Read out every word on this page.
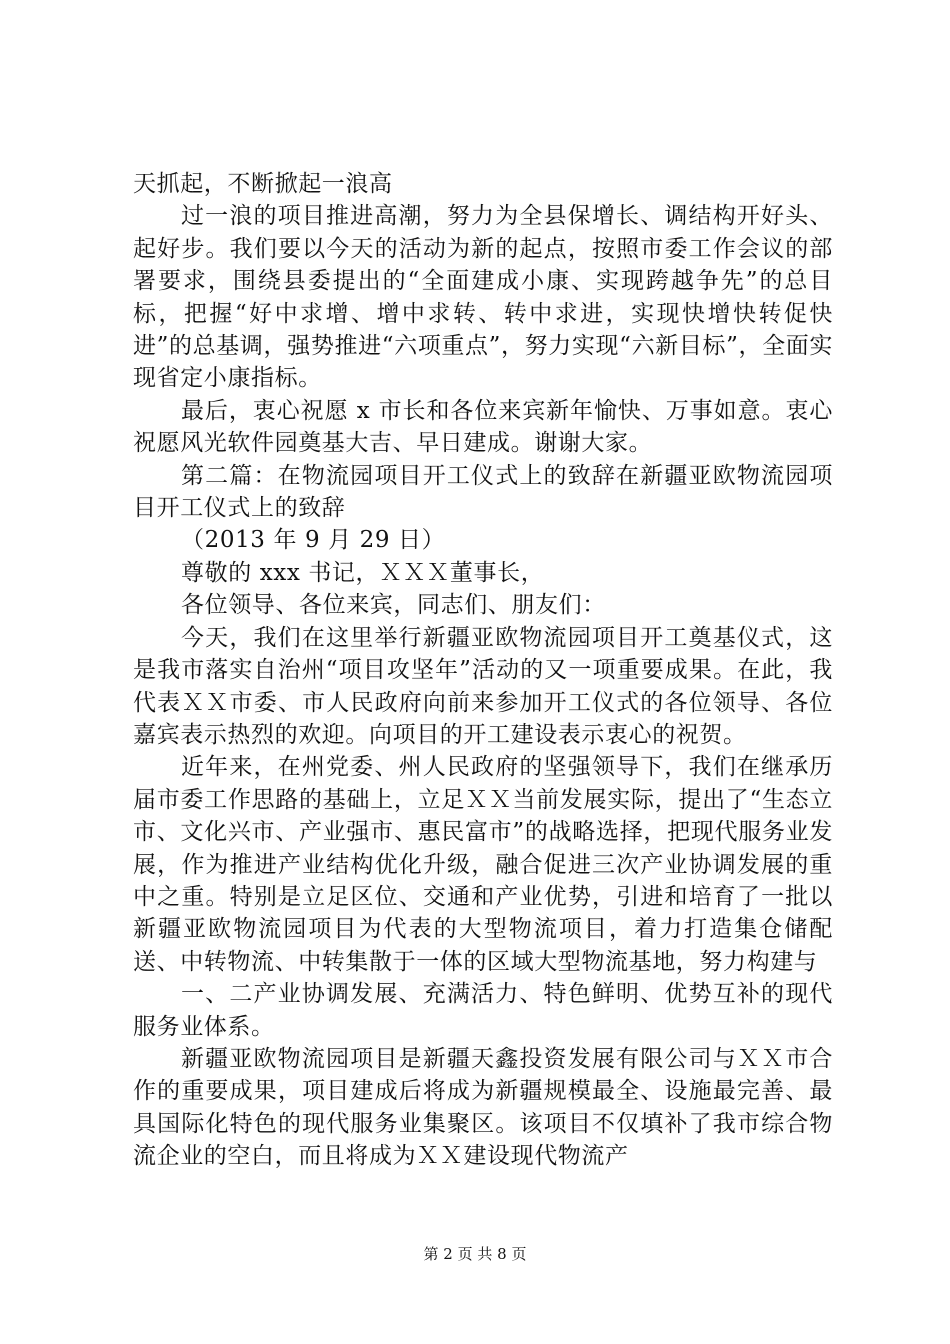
天抓起，不断掀起一浪高

过一浪的项目推进高潮，努力为全县保增长、调结构开好头、起好步。我们要以今天的活动为新的起点，按照市委工作会议的部署要求，围绕县委提出的“全面建成小康、实现跨越争先”的总目标，把握“好中求增、增中求转、转中求进，实现快增快转促快进”的总基调，强势推进“六项重点”，努力实现“六新目标”，全面实现省定小康指标。

最后，衷心祝愿 x 市长和各位来宾新年愉快、万事如意。衷心祝愿风光软件园奠基大吉、早日建成。谢谢大家。

第二篇：在物流园项目开工仪式上的致辞在新疆亚欧物流园项目开工仪式上的致辞

（2013 年 9 月 29 日）

尊敬的 xxx 书记，ＸＸＸ董事长，

各位领导、各位来宾，同志们、朋友们：

今天，我们在这里举行新疆亚欧物流园项目开工奠基仪式，这是我市落实自治州“项目攻坚年”活动的又一项重要成果。在此，我代表ＸＸ市委、市人民政府向前来参加开工仪式的各位领导、各位嘉宾表示热烈的欢迎。向项目的开工建设表示衷心的祝贺。

近年来，在州党委、州人民政府的坚强领导下，我们在继承历届市委工作思路的基础上，立足ＸＸ当前发展实际，提出了“生态立市、文化兴市、产业强市、惠民富市”的战略选择，把现代服务业发展，作为推进产业结构优化升级，融合促进三次产业协调发展的重中之重。特别是立足区位、交通和产业优势，引进和培育了一批以新疆亚欧物流园项目为代表的大型物流项目，着力打造集仓储配送、中转物流、中转集散于一体的区域大型物流基地，努力构建与

一、二产业协调发展、充满活力、特色鲜明、优势互补的现代服务业体系。

新疆亚欧物流园项目是新疆天鑫投资发展有限公司与ＸＸ市合作的重要成果，项目建成后将成为新疆规模最全、设施最完善、最具国际化特色的现代服务业集聚区。该项目不仅填补了我市综合物流企业的空白，而且将成为ＸＸ建设现代物流产

第 2 页 共 8 页
